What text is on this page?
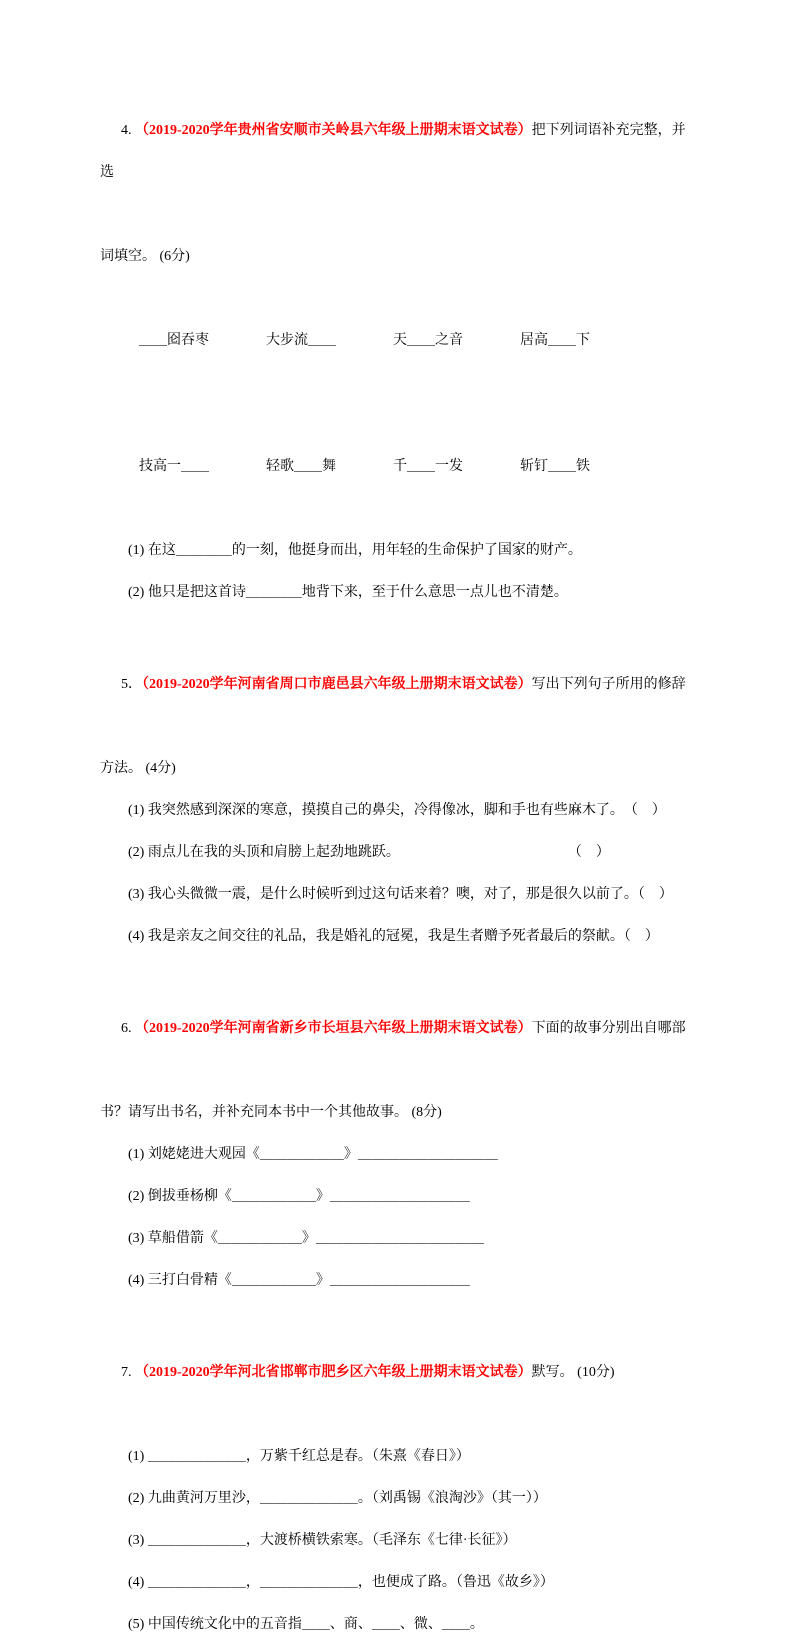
4. （2019-2020学年贵州省安顺市关岭县六年级上册期末语文试卷）把下列词语补充完整，并选

词填空。 (6分)

＿＿囵吞枣	大步流＿＿	天＿＿之音	居高＿＿下

技高一＿＿	轻歌＿＿舞	千＿＿一发	斩钉＿＿铁

(1) 在这＿＿＿＿的一刻，他挺身而出，用年轻的生命保护了国家的财产。
(2) 他只是把这首诗＿＿＿＿地背下来，至于什么意思一点儿也不清楚。

5．（2019-2020学年河南省周口市鹿邑县六年级上册期末语文试卷）写出下列句子所用的修辞

方法。 (4分)
(1) 我突然感到深深的寒意，摸摸自己的鼻尖，冷得像冰，脚和手也有些麻木了。　（　）
(2) 雨点儿在我的头顶和肩膀上起劲地跳跃。　　　　　　　　　　　　　（　）
(3) 我心头微微一震，是什么时候听到过这句话来着？噢，对了，那是很久以前了。（　）
(4) 我是亲友之间交往的礼品，我是婚礼的冠冕，我是生者赠予死者最后的祭献。（　）

6. （2019-2020学年河南省新乡市长垣县六年级上册期末语文试卷）下面的故事分别出自哪部

书？请写出书名，并补充同本书中一个其他故事。 (8分)
(1) 刘姥姥进大观园《＿＿＿＿＿＿》＿＿＿＿＿＿＿＿＿＿
(2) 倒拔垂杨柳《＿＿＿＿＿＿》＿＿＿＿＿＿＿＿＿＿
(3) 草船借箭《＿＿＿＿＿＿》＿＿＿＿＿＿＿＿＿＿＿＿
(4) 三打白骨精《＿＿＿＿＿＿》＿＿＿＿＿＿＿＿＿＿

7. （2019-2020学年河北省邯郸市肥乡区六年级上册期末语文试卷）默写。 (10分)

(1) ＿＿＿＿＿＿＿，万紫千红总是春。（朱熹《春日》）
(2) 九曲黄河万里沙，＿＿＿＿＿＿＿。（刘禹锡《浪淘沙》（其一））
(3) ＿＿＿＿＿＿＿，大渡桥横铁索寒。（毛泽东《七律·长征》）
(4) ＿＿＿＿＿＿＿，＿＿＿＿＿＿＿，也便成了路。（鲁迅《故乡》）
(5) 中国传统文化中的五音指＿＿、商、＿＿、微、＿＿。
